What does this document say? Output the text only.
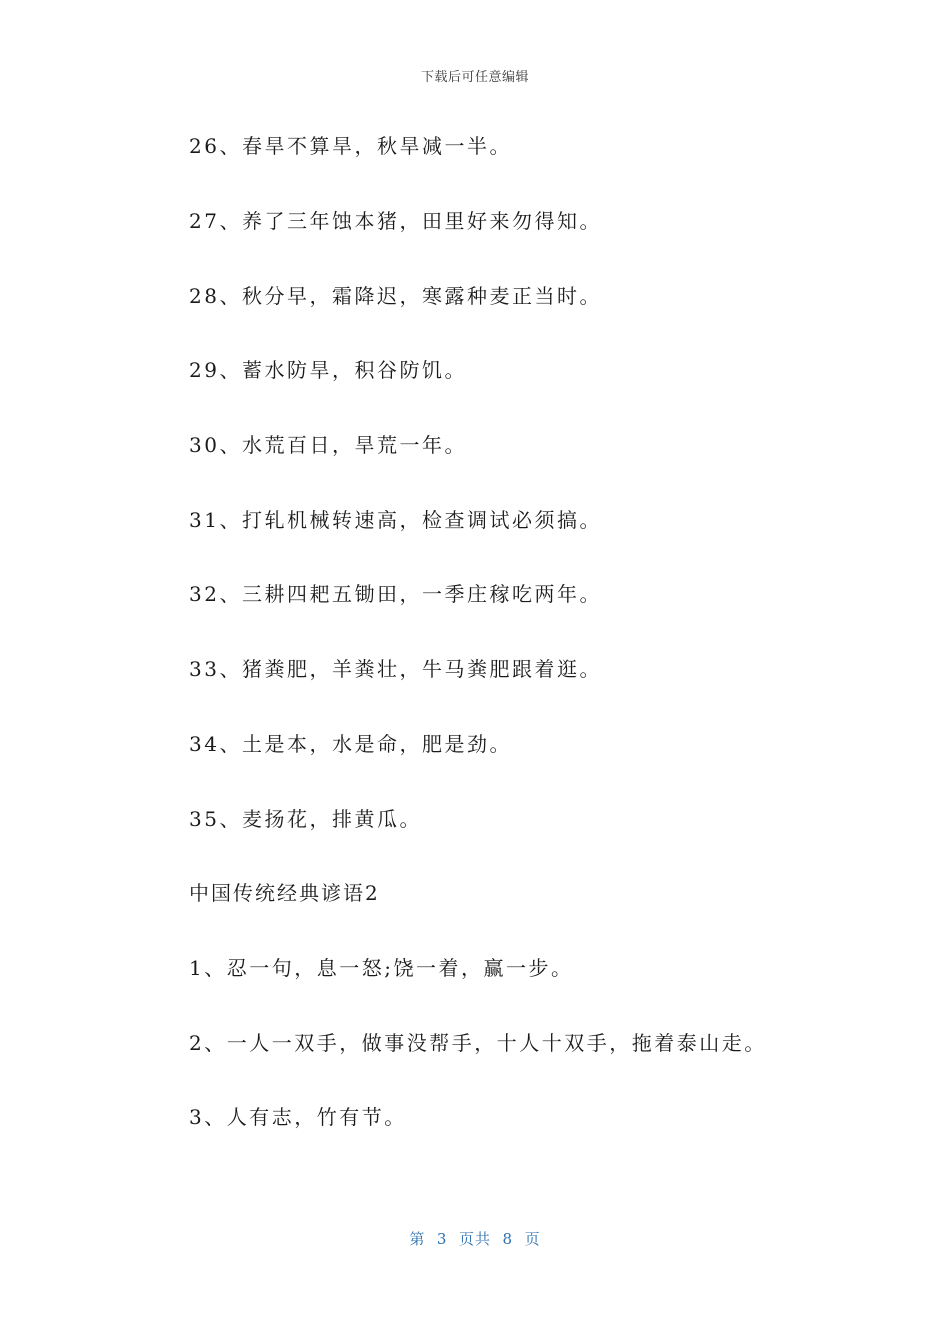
下载后可任意编辑
26、春旱不算旱，秋旱减一半。
27、养了三年蚀本猪，田里好来勿得知。
28、秋分早，霜降迟，寒露种麦正当时。
29、蓄水防旱，积谷防饥。
30、水荒百日，旱荒一年。
31、打轧机械转速高，检查调试必须搞。
32、三耕四耙五锄田，一季庄稼吃两年。
33、猪粪肥，羊粪壮，牛马粪肥跟着逛。
34、土是本，水是命，肥是劲。
35、麦扬花，排黄瓜。
中国传统经典谚语2
1、忍一句，息一怒;饶一着，赢一步。
2、一人一双手，做事没帮手，十人十双手，拖着泰山走。
3、人有志，竹有节。
第  3  页共  8  页
